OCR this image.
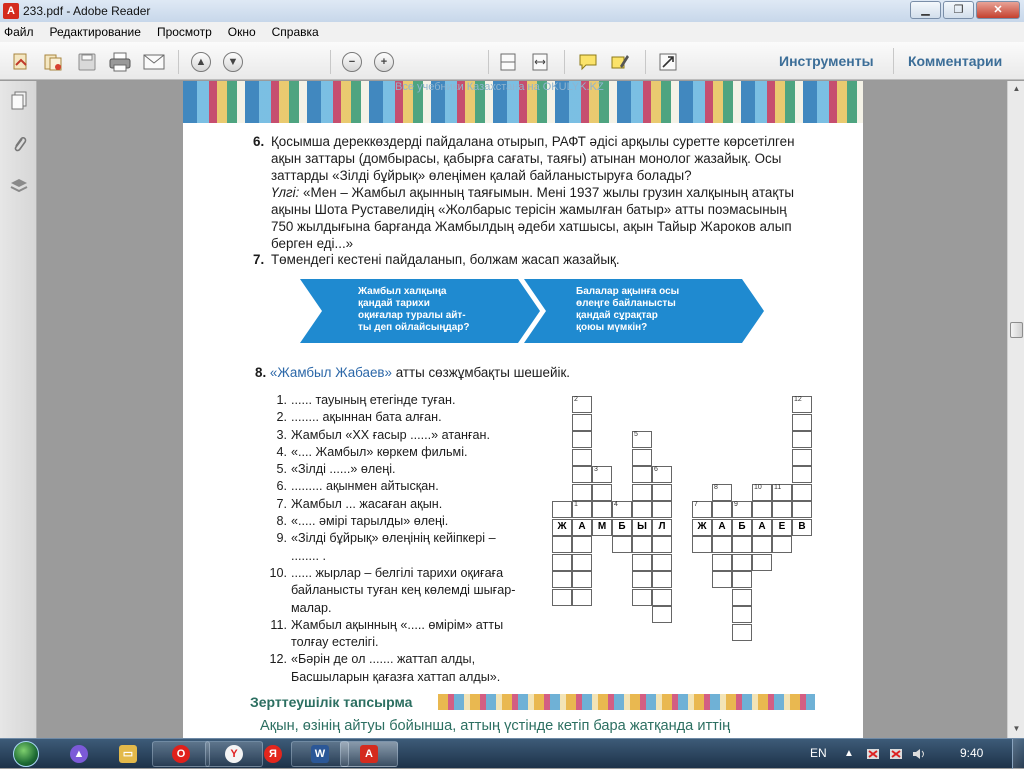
A 233.pdf - Adobe Reader	▁	❐	✕
Файл Редактирование Просмотр Окно Справка
▲	▼	−	+	Инструменты Комментарии
Все учебники Казахстана на OKULYK.KZ
6. Қосымша дереккөздерді пайдалана отырып, РАФТ әдісі арқылы суретте көрсетілген
ақын заттары (домбырасы, қабырға сағаты, таяғы) атынан монолог жазайық. Осы
заттарды «Зілді бұйрық» өлеңімен қалай байланыстыруға болады?
Үлгі: «Мен – Жамбыл ақынның таяғымын. Мені 1937 жылы грузин халқының атақты
ақыны Шота Руставелидің «Жолбарыс терісін жамылған батыр» атты поэмасының
750 жылдығына барғанда Жамбылдың әдеби хатшысы, ақын Тайыр Жароков алып
берген еді...»
7. Төмендегі кестені пайдаланып, болжам жасап жазайық.
Жамбыл халқыңа
қандай тарихи
оқиғалар туралы айт-
ты деп ойлайсыңдар?
Балалар ақынға осы
өлеңге байланысты
қандай сұрақтар
қоюы мүмкін?
8. «Жамбыл Жабаев» атты сөзжұмбақты шешейік.
1. ...... тауының етегінде туған.
2. ........ ақыннан бата алған.
3. Жамбыл «ХХ ғасыр ......» атанған.
4. «.... Жамбыл» көркем фильмі.
5. «Зілді ......» өлеңі.
6. ......... ақынмен айтысқан.
7. Жамбыл ... жасаған ақын.
8. «..... әмірі тарылды» өлеңі.
9. «Зілді бұйрық» өлеңінің кейіпкері –
........ .
10. ...... жырлар – белгілі тарихи оқиғаға
байланысты туған кең көлемді шығар-
малар.
11. Жамбыл ақынның «..... өмірім» атты
толғау естелігі.
12. «Бәрін де ол ....... жаттап алды,
Басшыларын қағазға хаттап алды».
2
1
А
5
Ы
3
М
6
Л
12
В
8
А
9
Б
10
А
11
Е
Ж
4
Б
7
Ж
Зерттеушілік тапсырма
Ақын, өзінің айтуы бойынша, аттың үстінде кетіп бара жатқанда иттің
▲
▼
▲	▭	O	Y	Я	W	A	EN ▲	9:40
